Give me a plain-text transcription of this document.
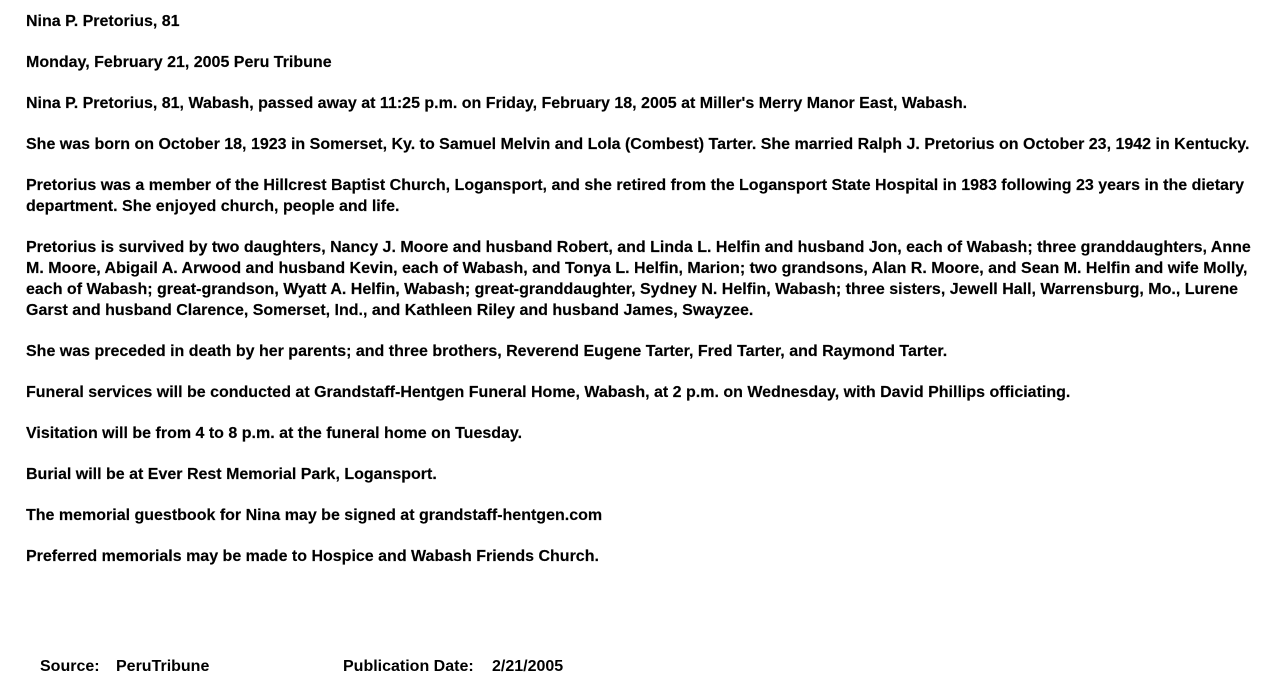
Nina P. Pretorius, 81

Monday, February 21, 2005 Peru Tribune

Nina P. Pretorius, 81, Wabash, passed away at 11:25 p.m. on Friday, February 18, 2005 at Miller's Merry Manor East, Wabash.

She was born on October 18, 1923 in Somerset, Ky. to Samuel Melvin and Lola (Combest) Tarter. She married Ralph J. Pretorius on October 23, 1942 in Kentucky.

Pretorius was a member of the Hillcrest Baptist Church, Logansport, and she retired from the Logansport State Hospital in 1983 following 23 years in the dietary department. She enjoyed church, people and life.

Pretorius is survived by two daughters, Nancy J. Moore and husband Robert, and Linda L. Helfin and husband Jon, each of Wabash; three granddaughters, Anne M. Moore, Abigail A. Arwood and husband Kevin, each of Wabash, and Tonya L. Helfin, Marion; two grandsons, Alan R. Moore, and Sean M. Helfin and wife Molly, each of Wabash; great-grandson, Wyatt A. Helfin, Wabash; great-granddaughter, Sydney N. Helfin, Wabash; three sisters, Jewell Hall, Warrensburg, Mo., Lurene Garst and husband Clarence, Somerset, Ind., and Kathleen Riley and husband James, Swayzee.

She was preceded in death by her parents; and three brothers, Reverend Eugene Tarter, Fred Tarter, and Raymond Tarter.

Funeral services will be conducted at Grandstaff-Hentgen Funeral Home, Wabash, at 2 p.m. on Wednesday, with David Phillips officiating.

Visitation will be from 4 to 8 p.m. at the funeral home on Tuesday.

Burial will be at Ever Rest Memorial Park, Logansport.

The memorial guestbook for Nina may be signed at grandstaff-hentgen.com

Preferred memorials may be made to Hospice and Wabash Friends Church.

Source: PeruTribune	Publication Date: 2/21/2005
